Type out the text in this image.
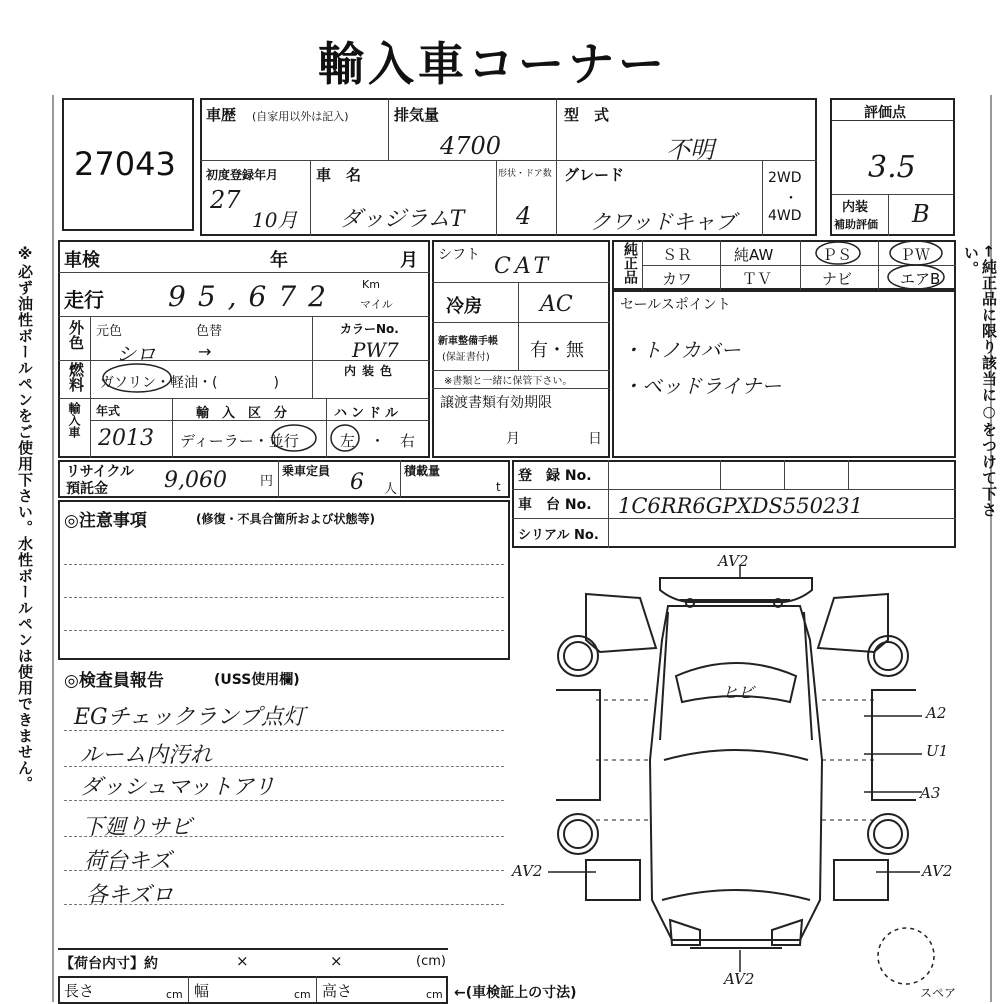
輸入車コーナー
※必ず油性ボールペンをご使用下さい。水性ボールペンは使用できません。	←純正品に限り該当に○をつけて下さい。
27043
車歴 (自家用以外は記入)	排気量
4700
型　式
不明
初度登録年月
27
10月
車　名
ダッジラムT
形状・ドア数
4
グレード
クワッドキャブ
2WD
・
4WD
評価点
3.5
内装
補助評価 B
車検	年	月
走行 95,672 Km
マイル
外色 元色	色替
シロ	→
カラーNo.
PW7
燃料 ガソリン・軽油・(　　　　)
内装色
輸入車 年式
2013
輸　入　区　分
ディーラー・並行
ハンドル
左　・　右
シフト CAT
冷房	AC
新車整備手帳
(保証書付) 有・無
※書類と一緒に保管下さい。
譲渡書類有効期限
月	日
純正品 ＳＲ	純AW	ＰＳ	ＰＷ
カワ	ＴＶ	ナビ	エアB
セールスポイント
・トノカバー
・ベッドライナー
リサイクル
預託金	9,060	円
乗車定員 6 人
積載量
t
登　録 No.
車　台 No. 1C6RR6GPXDS550231
シリアル No.
◎注意事項	(修復・不具合箇所および状態等)
◎検査員報告	(USS使用欄)
EGチェックランプ点灯
ルーム内汚れ
ダッシュマットアリ
下廻りサビ
荷台キズ
各キズロ
AV2
ヒビ
A2
U1
A3
AV2	AV2
AV2
スペア
【荷台内寸】約	×	×	(cm)
長さ	cm 幅	cm 高さ	cm ←(車検証上の寸法)
